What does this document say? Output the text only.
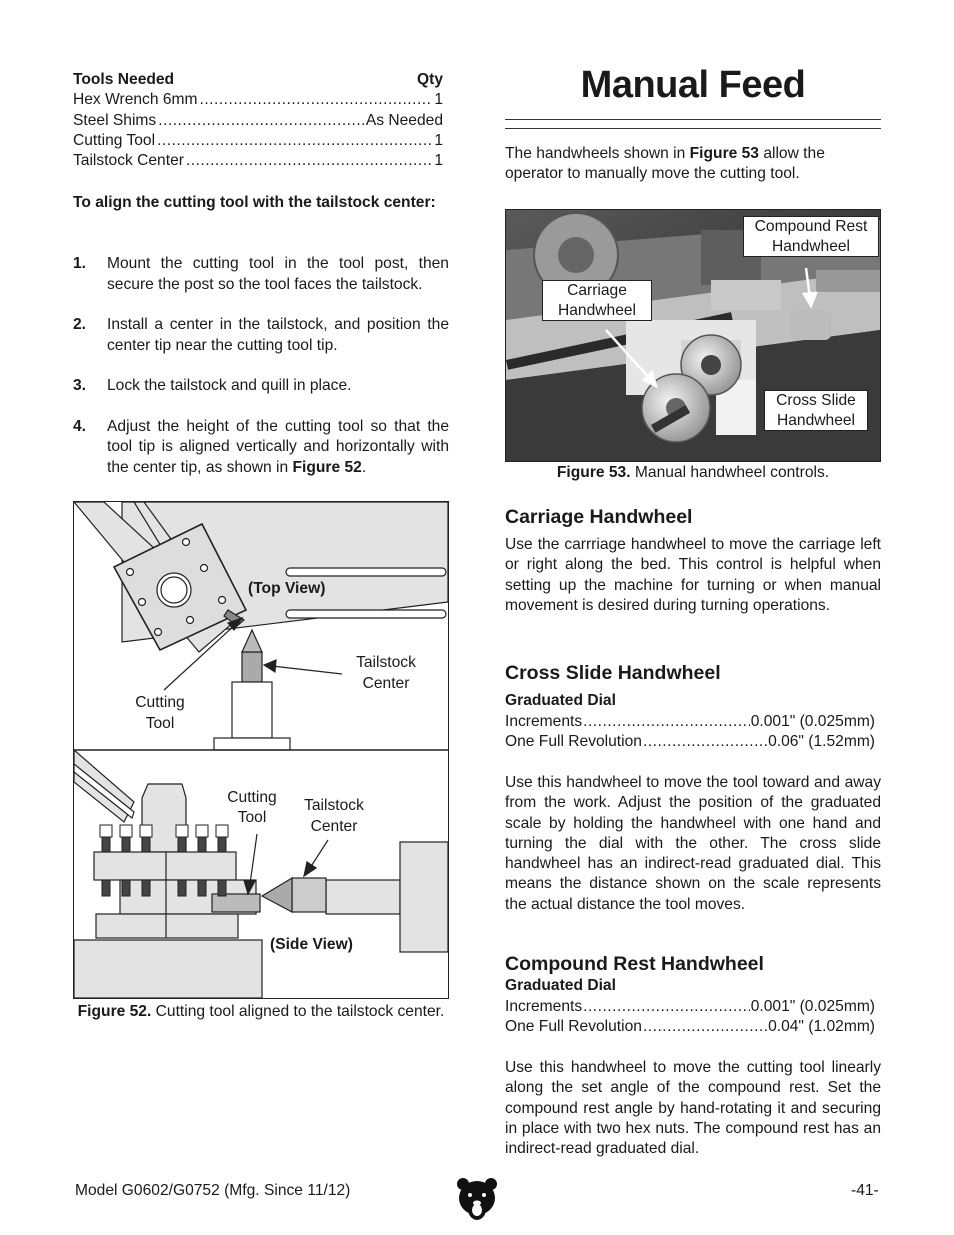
Tools Needed	Qty
Hex Wrench 6mm .....	1
Steel Shims .....	As Needed
Cutting Tool .....	1
Tailstock Center .....	1
To align the cutting tool with the tailstock center:
1.	Mount the cutting tool in the tool post, then secure the post so the tool faces the tailstock.
2.	Install a center in the tailstock, and position the center tip near the cutting tool tip.
3.	Lock the tailstock and quill in place.
4.	Adjust the height of the cutting tool so that the tool tip is aligned vertically and horizontally with the center tip, as shown in Figure 52.
(Top View)
Tailstock
Center
Cutting
Tool
Cutting
Tool
Tailstock
Center
(Side View)
Figure 52. Cutting tool aligned to the tailstock center.
Manual Feed
The handwheels shown in Figure 53 allow the operator to manually move the cutting tool.
Compound Rest
Handwheel
Carriage
Handwheel
Cross Slide
Handwheel
Figure 53. Manual handwheel controls.
Carriage Handwheel
Use the carrriage handwheel to move the carriage left or right along the bed. This control is helpful when setting up the machine for turning or when manual movement is desired during turning operations.
Cross Slide Handwheel
Graduated Dial
Increments .....	0.001" (0.025mm)
One Full Revolution .....	0.06" (1.52mm)
Use this handwheel to move the tool toward and away from the work. Adjust the position of the graduated scale by holding the handwheel with one hand and turning the dial with the other. The cross slide handwheel has an indirect-read graduated dial. This means the distance shown on the scale represents the actual distance the tool moves.
Compound Rest Handwheel
Graduated Dial
Increments .....	0.001" (0.025mm)
One Full Revolution .....	0.04" (1.02mm)
Use this handwheel to move the cutting tool linearly along the set angle of the compound rest. Set the compound rest angle by hand-rotating it and securing in place with two hex nuts. The compound rest has an indirect-read graduated dial.
Model G0602/G0752 (Mfg. Since 11/12)	-41-
